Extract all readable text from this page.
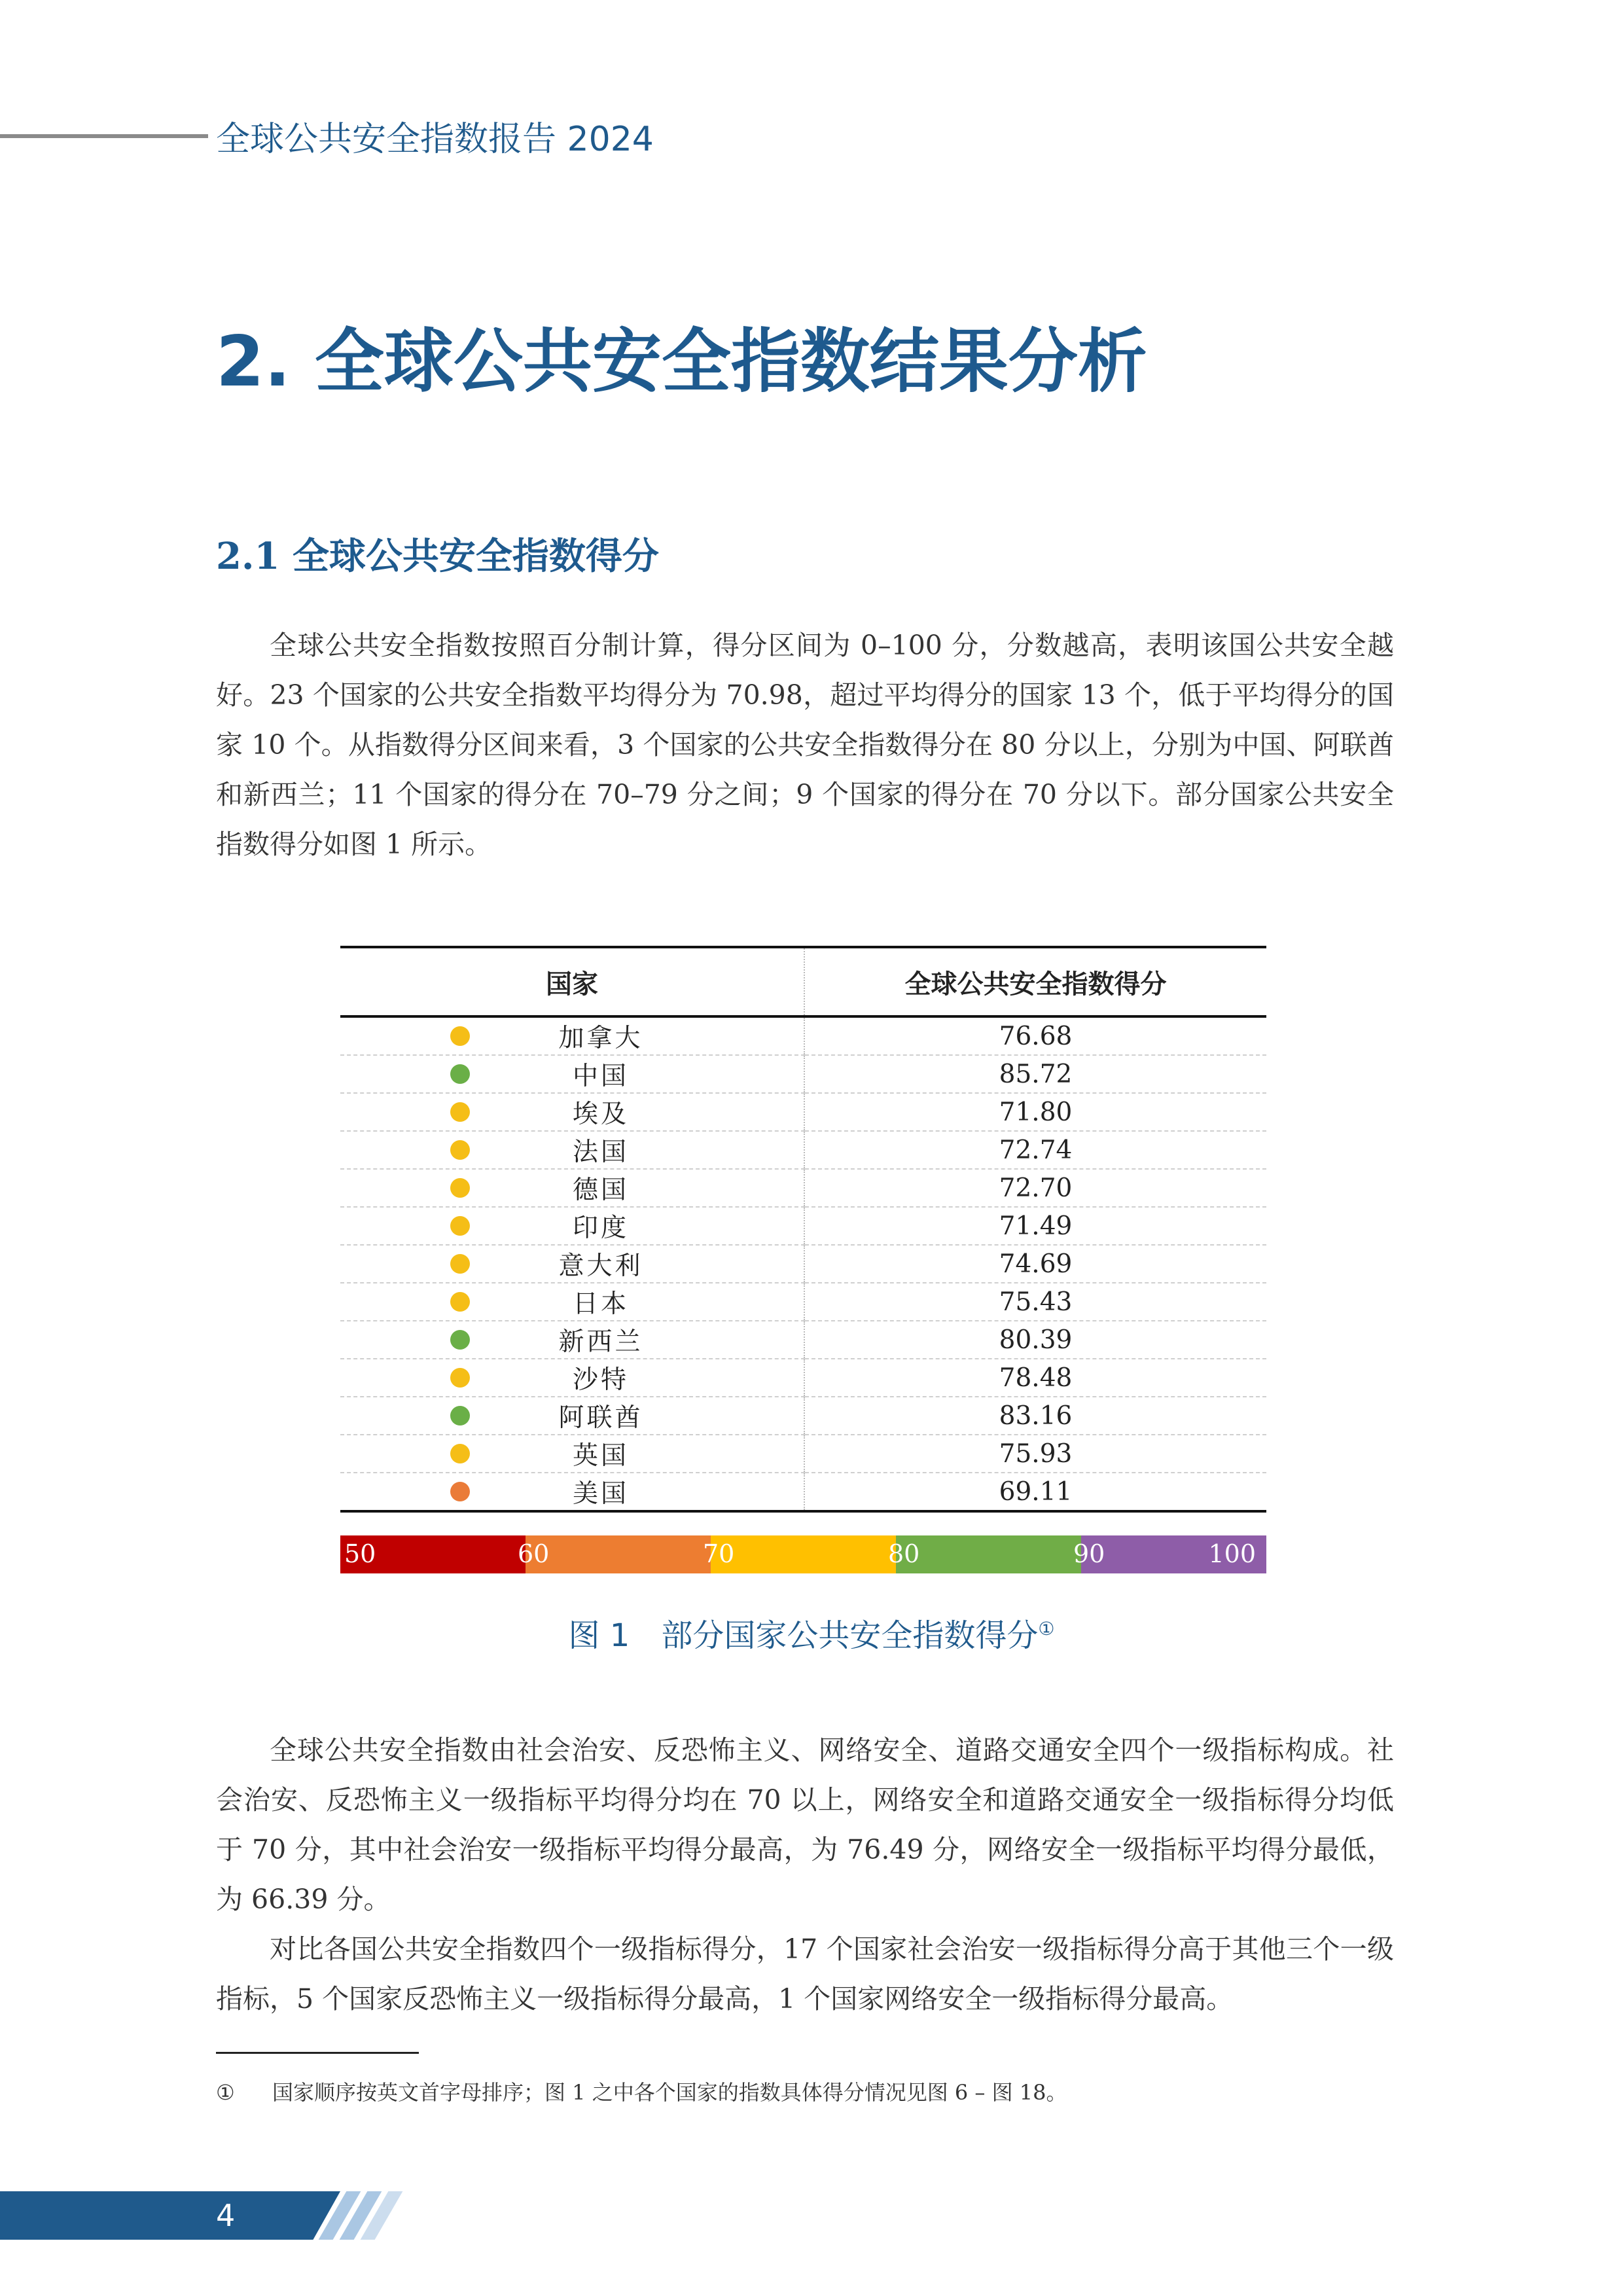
全球公共安全指数报告 2024
2. 全球公共安全指数结果分析
2.1 全球公共安全指数得分

全球公共安全指数按照百分制计算，得分区间为 0–100 分，分数越高，表明该国公共安全越好。23 个国家的公共安全指数平均得分为 70.98，超过平均得分的国家 13 个，低于平均得分的国家 10 个。从指数得分区间来看，3 个国家的公共安全指数得分在 80 分以上，分别为中国、阿联酋和新西兰；11 个国家的得分在 70–79 分之间；9 个国家的得分在 70 分以下。部分国家公共安全指数得分如图 1 所示。

国家	全球公共安全指数得分

加拿大	76.68

中国	85.72

埃及	71.80

法国	72.74

德国	72.70

印度	71.49

意大利	74.69

日本	75.43

新西兰	80.39

沙特	78.48

阿联酋	83.16

英国	75.93

美国	69.11
50	60	70	80	90	100
图 1　部分国家公共安全指数得分①

全球公共安全指数由社会治安、反恐怖主义、网络安全、道路交通安全四个一级指标构成。社会治安、反恐怖主义一级指标平均得分均在 70 以上，网络安全和道路交通安全一级指标得分均低于 70 分，其中社会治安一级指标平均得分最高，为 76.49 分，网络安全一级指标平均得分最低，为 66.39 分。

对比各国公共安全指数四个一级指标得分，17 个国家社会治安一级指标得分高于其他三个一级指标，5 个国家反恐怖主义一级指标得分最高，1 个国家网络安全一级指标得分最高。

① 国家顺序按英文首字母排序；图 1 之中各个国家的指数具体得分情况见图 6 – 图 18。
4
